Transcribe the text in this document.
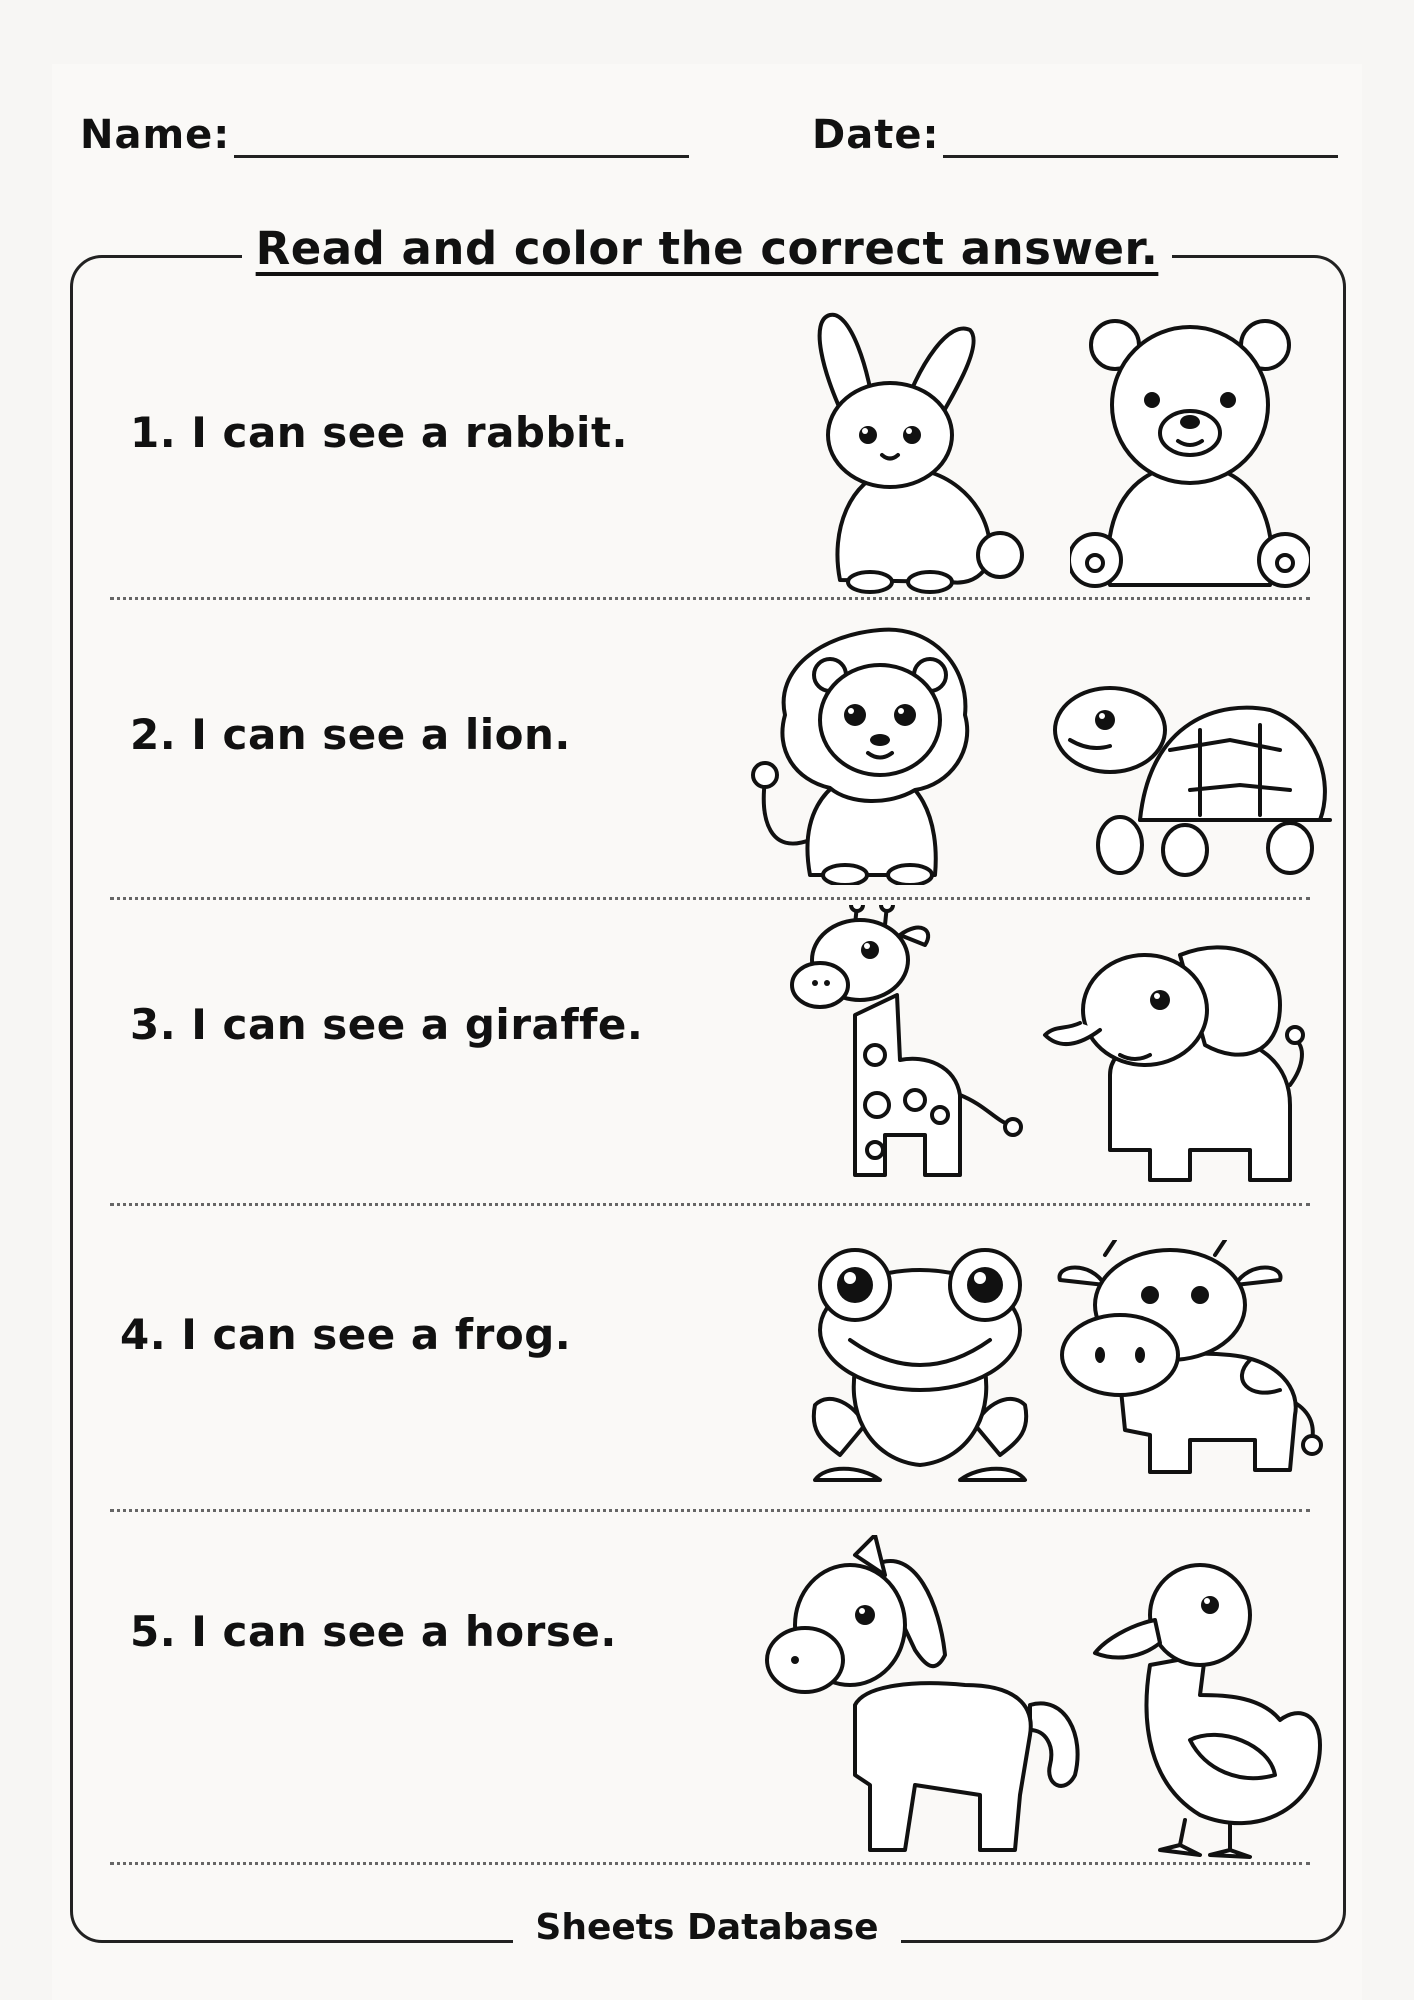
Name:	Date:
Read and color the correct answer.
1. I can see a rabbit.
2. I can see a lion.
3. I can see a giraffe.
4. I can see a frog.
5. I can see a horse.
Sheets Database
